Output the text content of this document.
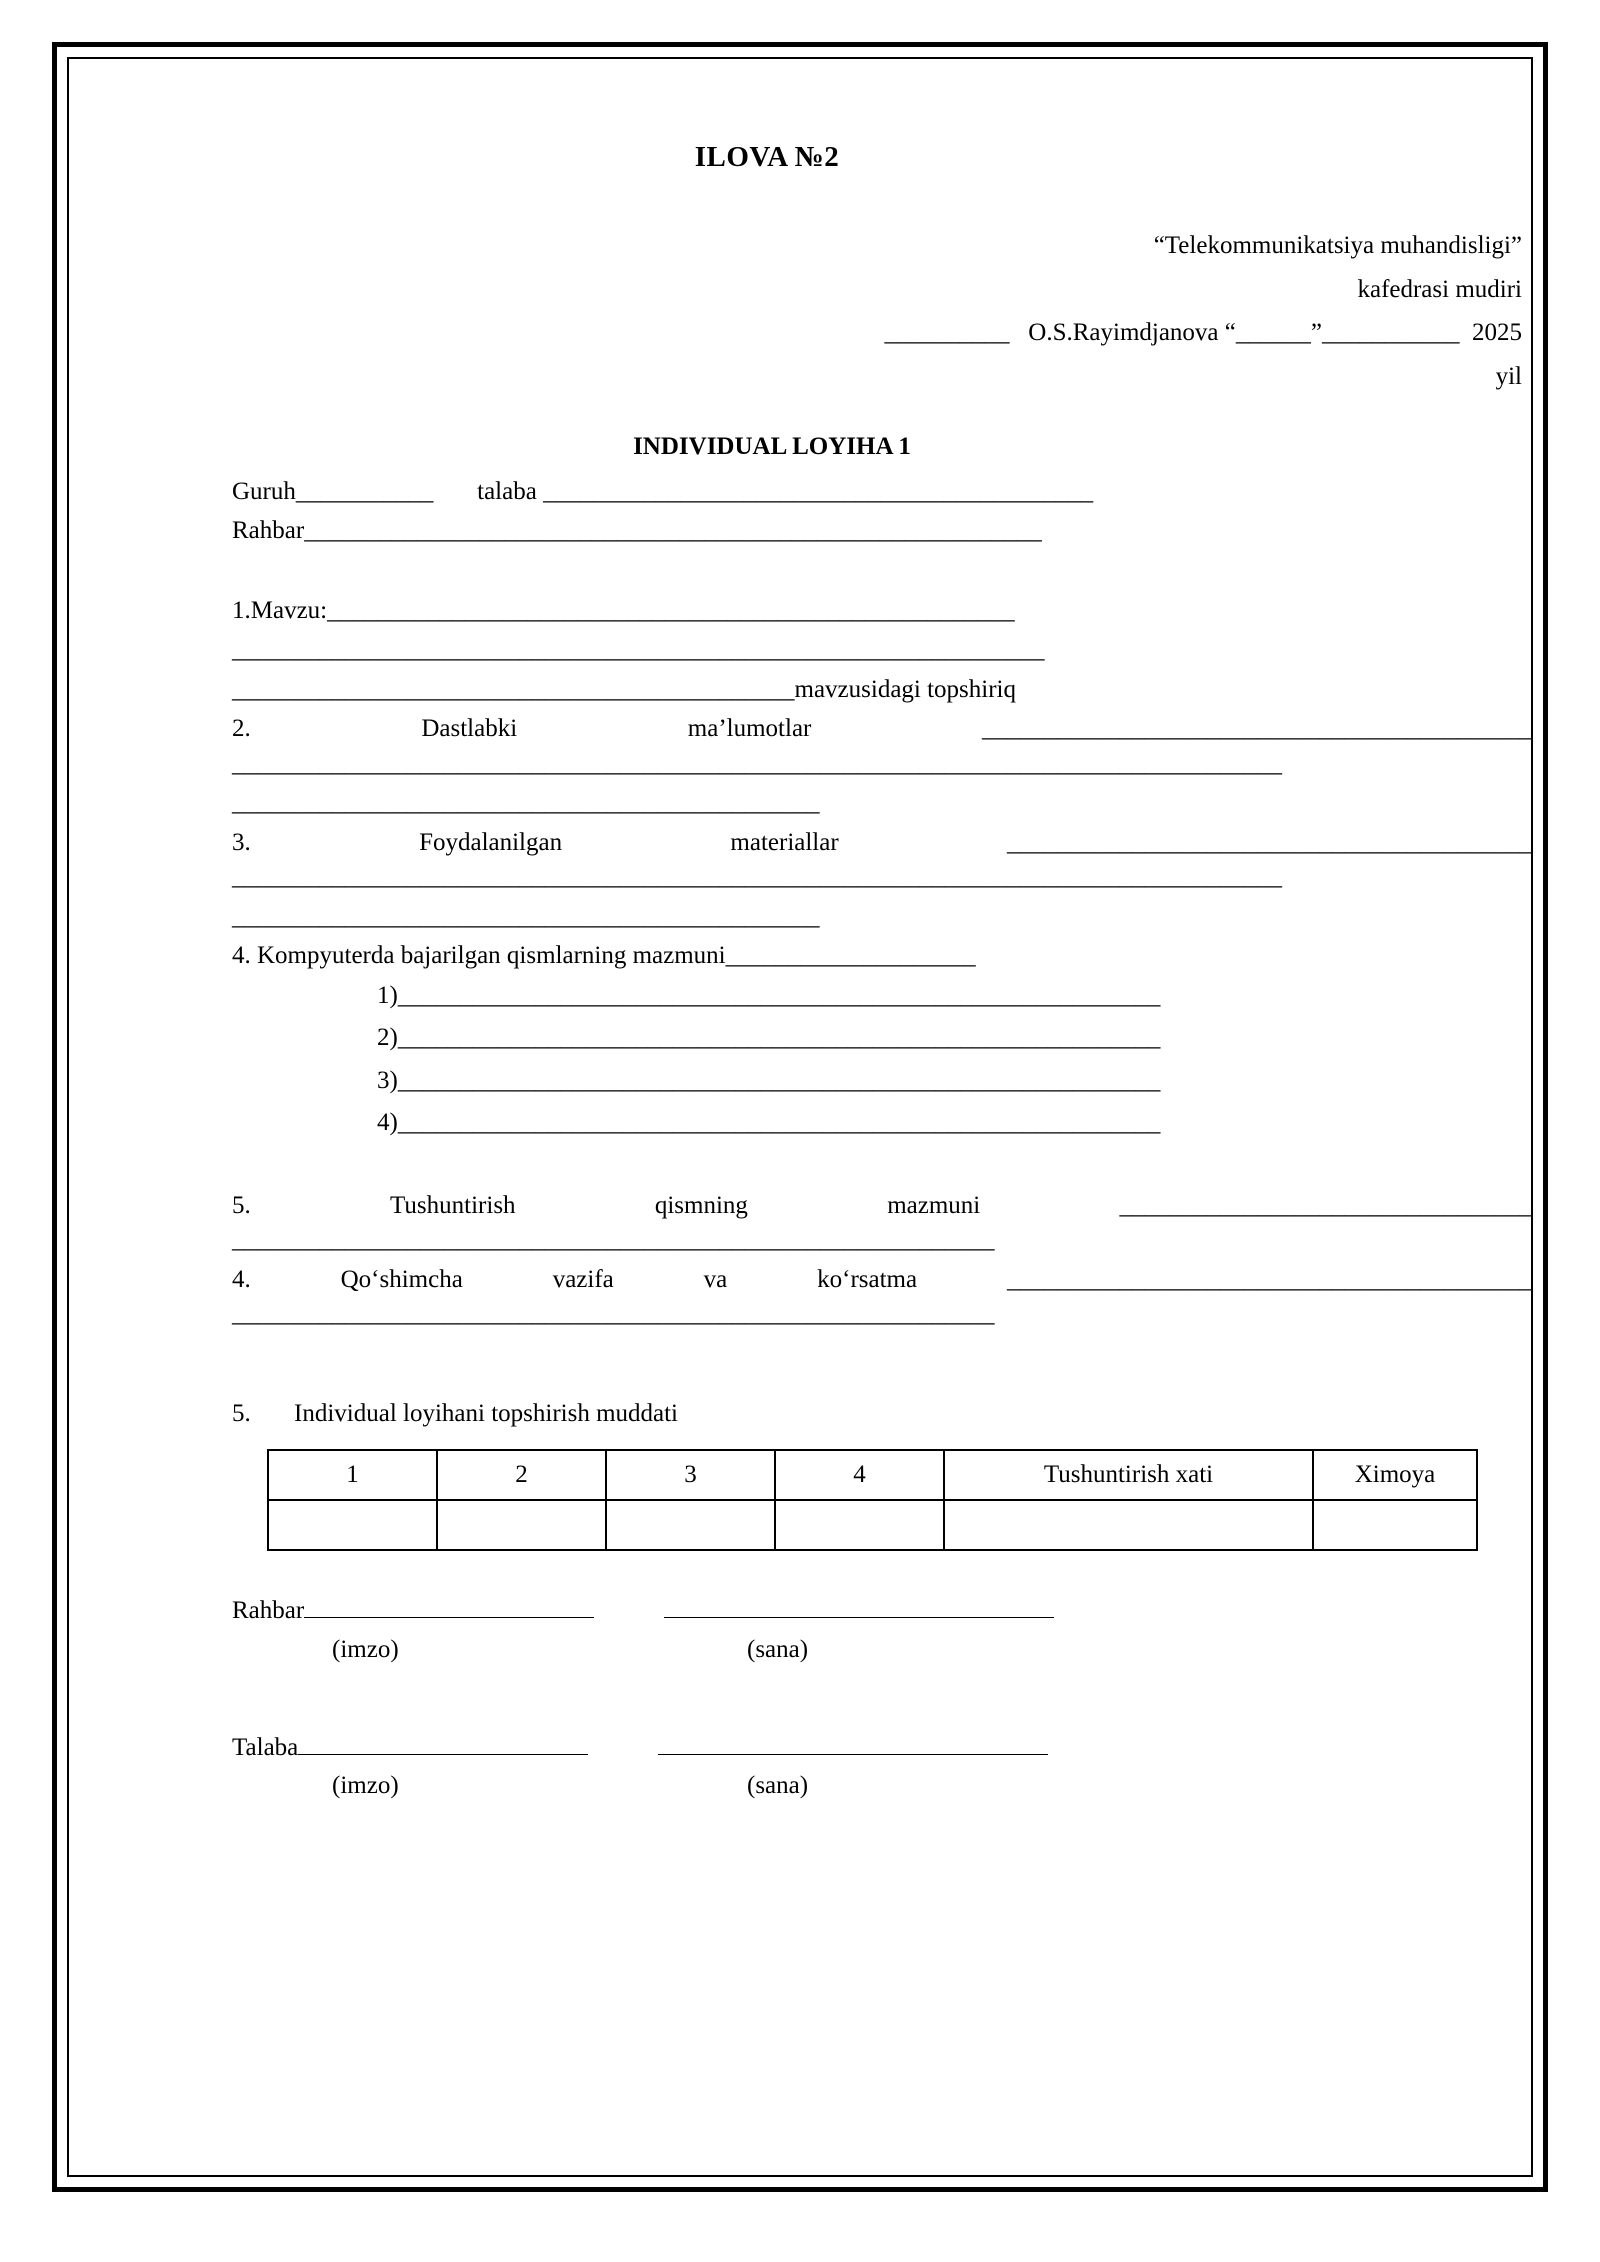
ILOVA №2
“Telekommunikatsiya muhandisligi”
kafedrasi mudiri
__________ O.S.Rayimdjanova “______”___________ 2025
yil
INDIVIDUAL LOYIHA 1
Guruh___________ talaba ____________________________________________
Rahbar___________________________________________________________
1.Mavzu:_______________________________________________________
_________________________________________________________________
_____________________________________________mavzusidagi topshiriq
2.	Dastlabki	ma’lumotlar	____________________________________________
____________________________________________________________________________________
_______________________________________________
3.	Foydalanilgan	materiallar	__________________________________________
____________________________________________________________________________________
_______________________________________________
4. Kompyuterda bajarilgan qismlarning mazmuni____________________
1)_____________________________________________________________
2)_____________________________________________________________
3)_____________________________________________________________
4)_____________________________________________________________
5.	Tushuntirish	qismning	mazmuni	_________________________________
_____________________________________________________________
4.	Qo‘shimcha	vazifa	va	ko‘rsatma	__________________________________________
_____________________________________________________________
5. Individual loyihani topshirish muddati
1	2	3	4	Tushuntirish xati	Ximoya

Rahbar
(imzo)	(sana)
Talaba
(imzo)	(sana)
